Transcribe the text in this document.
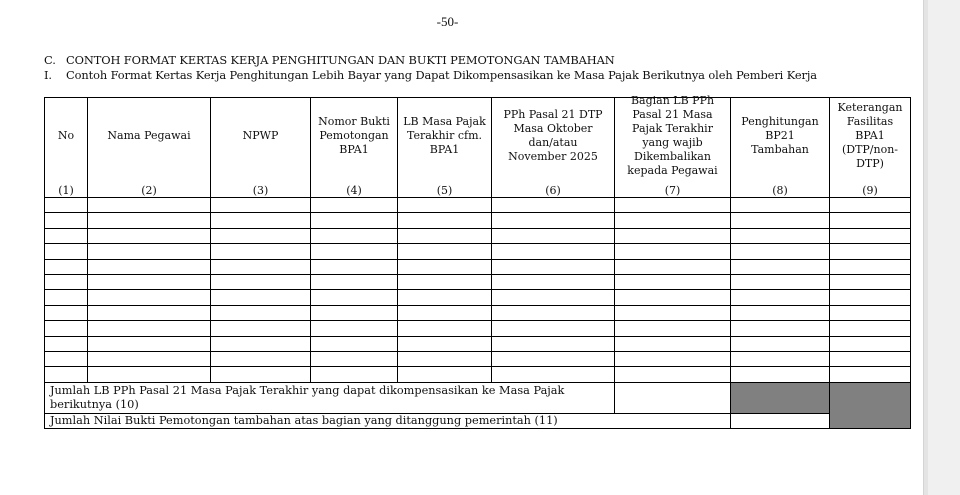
-50-
C. CONTOH FORMAT KERTAS KERJA PENGHITUNGAN DAN BUKTI PEMOTONGAN TAMBAHAN
I. Contoh Format Kertas Kerja Penghitungan Lebih Bayar yang Dapat Dikompensasikan ke Masa Pajak Berikutnya oleh Pemberi Kerja
No	Nama Pegawai	NPWP	Nomor Bukti Pemotongan BPA1	LB Masa Pajak Terakhir cfm. BPA1	PPh Pasal 21 DTP Masa Oktober dan/atau November 2025	Bagian LB PPh Pasal 21 Masa Pajak Terakhir yang wajib Dikembalikan kepada Pegawai	Penghitungan BP21 Tambahan	Keterangan Fasilitas BPA1 (DTP/non-DTP)

(1)	(2)	(3)	(4)	(5)	(6)	(7)	(8)	(9)

Jumlah LB PPh Pasal 21 Masa Pajak Terakhir yang dapat dikompensasikan ke Masa Pajak berikutnya (10)								
Jumlah Nilai Bukti Pemotongan tambahan atas bagian yang ditanggung pemerintah (11)								
